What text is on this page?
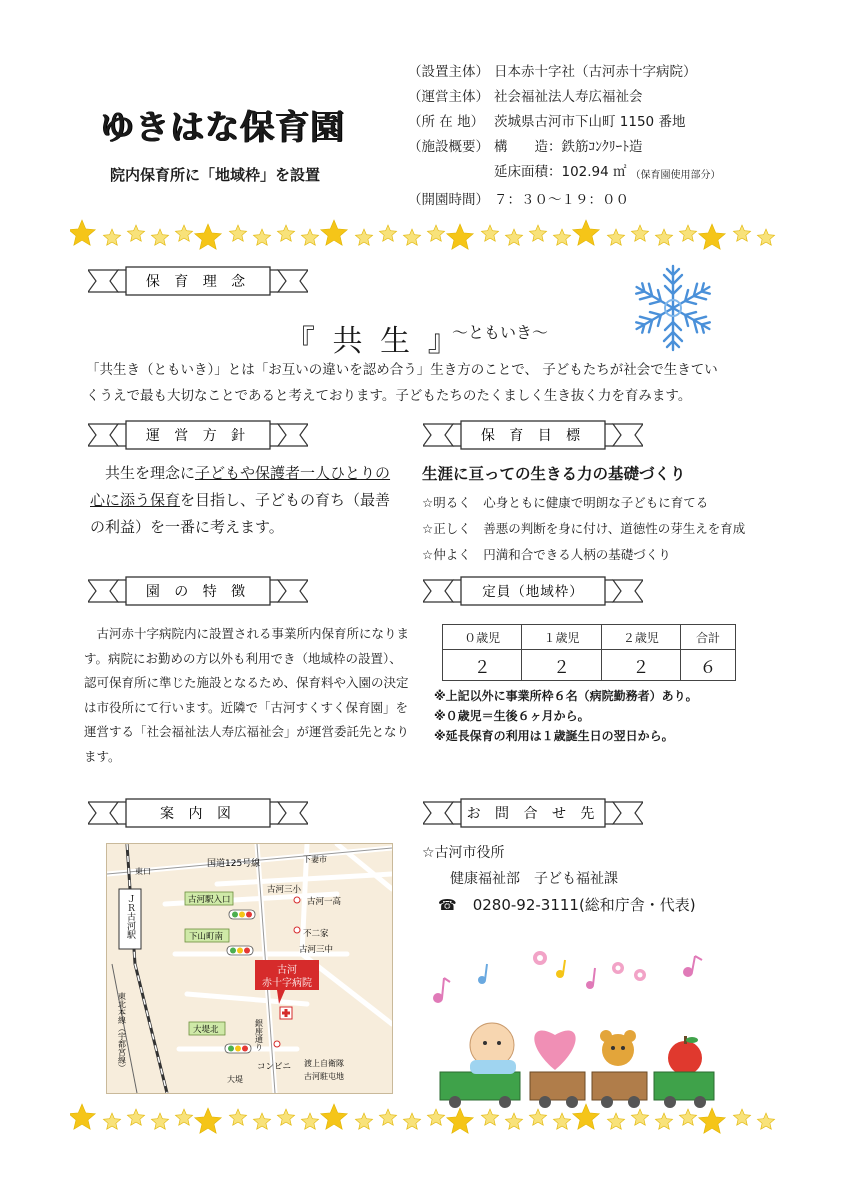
ゆきはな保育園
院内保育所に「地域枠」を設置
（設置主体） 日本赤十字社（古河赤十字病院）
（運営主体） 社会福祉法人寿広福祉会
（所 在 地） 茨城県古河市下山町 1150 番地
（施設概要） 構　　造：鉄筋ｺﾝｸﾘｰﾄ造
延床面積：102.94 ㎡ （保育園使用部分）
（開園時間） ７：３０～１９：００
保 育 理 念
『 共 生 』
～ともいき～
「共生き（ともいき）」とは「お互いの違いを認め合う」生き方のことで、 子どもたちが社会で生きてい
くうえで最も大切なことであると考えております。子どもたちのたくましく生き抜く力を育みます。
運 営 方 針	保 育 目 標
　共生を理念に子どもや保護者一人ひとりの心に添う保育を目指し、子どもの育ち（最善の利益）を一番に考えます。
生涯に亘っての生きる力の基礎づくり
☆明るく　心身ともに健康で明朗な子どもに育てる
☆正しく　善悪の判断を身に付け、道徳性の芽生えを育成
☆仲よく　円満和合できる人柄の基礎づくり
園 の 特 徴	定員（地域枠）
　古河赤十字病院内に設置される事業所内保育所になります。病院にお勤めの方以外も利用でき（地域枠の設置）、認可保育所に準じた施設となるため、保育料や入園の決定は市役所にて行います。近隣で「古河すくすく保育園」を運営する「社会福祉法人寿広福祉会」が運営委託先となります。
０歳児	１歳児	２歳児	合計
２	２	２	６
※上記以外に事業所枠６名（病院勤務者）あり。
※０歳児＝生後６ヶ月から。
※延長保育の利用は１歳誕生日の翌日から。
案 内 図	お 問 合 せ 先
ＪＲ古河駅
東口
国道125号線	下妻市
東北本線（宇都宮線）
古河駅入口
下山町南
大堤北
古河三小
古河一高
不二家
古河三中
銀座通り
コンビニ 渡上自衛隊
古河駐屯地
大堤
古河
赤十字病院
☆古河市役所
健康福祉部　子ども福祉課
☎ 0280-92-3111(総和庁舎・代表)
